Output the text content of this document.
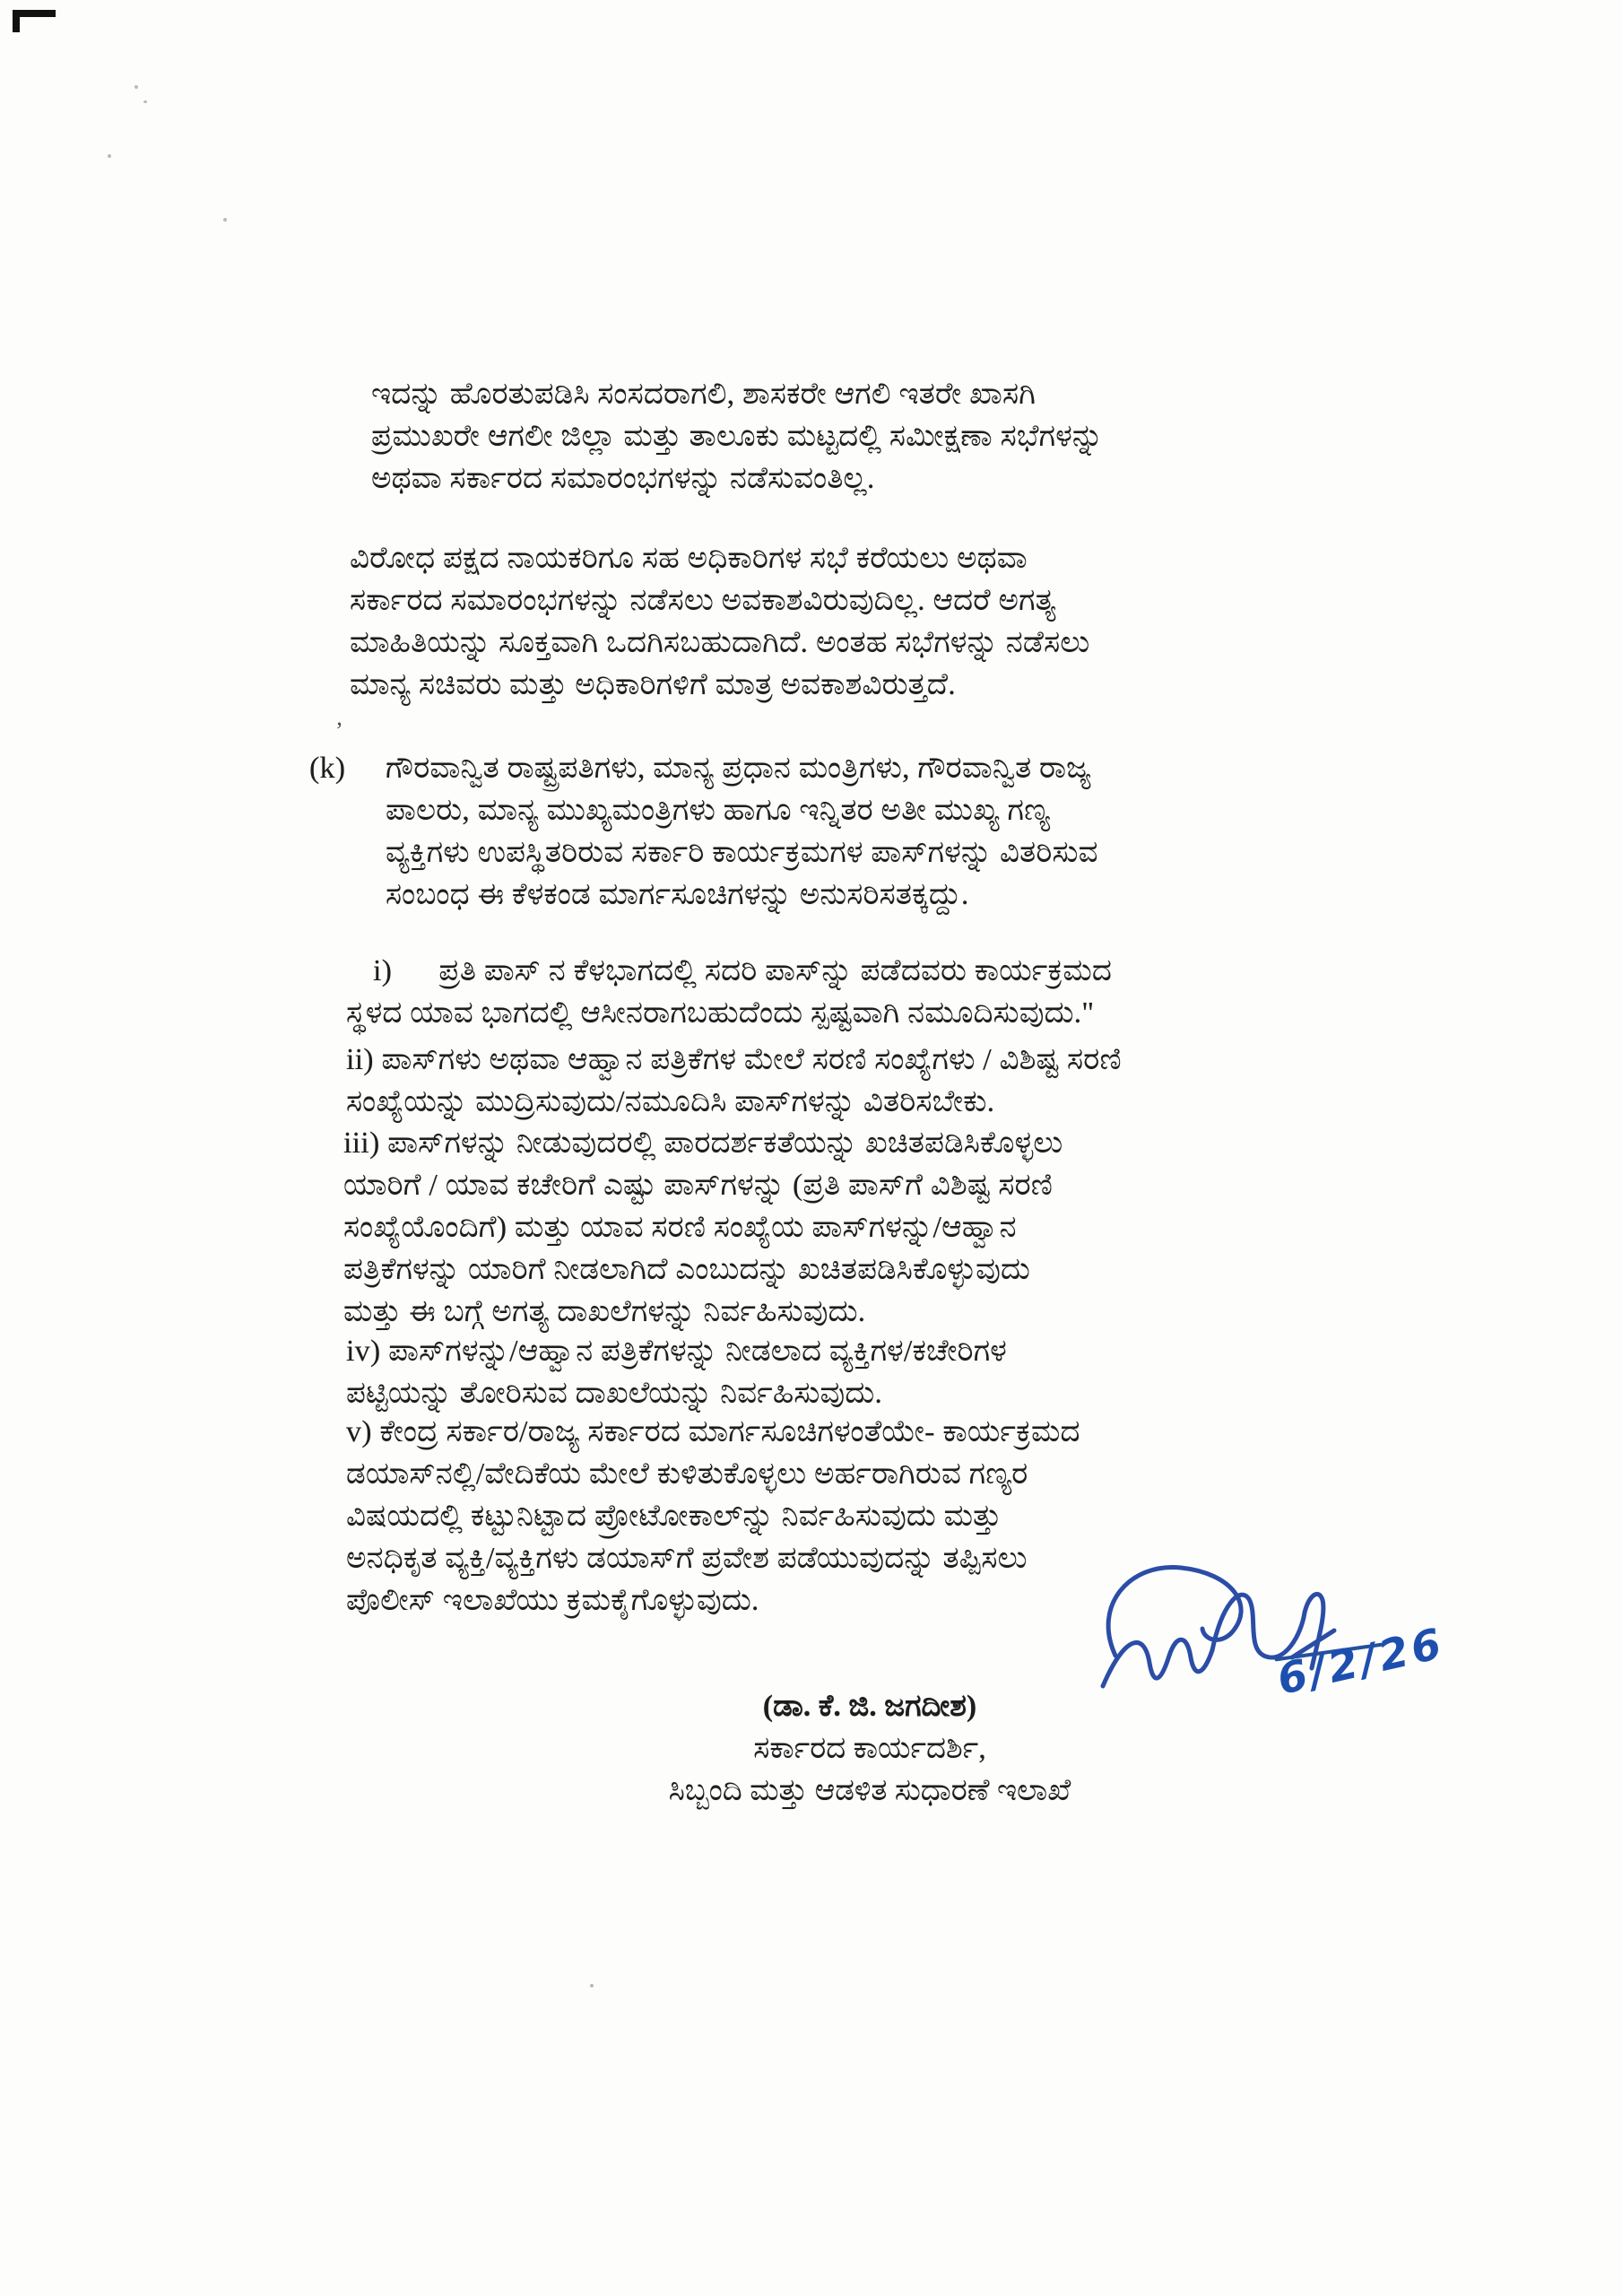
ʼ
ಇದನ್ನು ಹೊರತುಪಡಿಸಿ ಸಂಸದರಾಗಲಿ, ಶಾಸಕರೇ ಆಗಲಿ ಇತರೇ ಖಾಸಗಿ
ಪ್ರಮುಖರೇ ಆಗಲೀ ಜಿಲ್ಲಾ ಮತ್ತು ತಾಲೂಕು ಮಟ್ಟದಲ್ಲಿ ಸಮೀಕ್ಷಣಾ ಸಭೆಗಳನ್ನು
ಅಥವಾ ಸರ್ಕಾರದ ಸಮಾರಂಭಗಳನ್ನು ನಡೆಸುವಂತಿಲ್ಲ.
ವಿರೋಧ ಪಕ್ಷದ ನಾಯಕರಿಗೂ ಸಹ ಅಧಿಕಾರಿಗಳ ಸಭೆ ಕರೆಯಲು ಅಥವಾ
ಸರ್ಕಾರದ ಸಮಾರಂಭಗಳನ್ನು ನಡೆಸಲು ಅವಕಾಶವಿರುವುದಿಲ್ಲ. ಆದರೆ ಅಗತ್ಯ
ಮಾಹಿತಿಯನ್ನು ಸೂಕ್ತವಾಗಿ ಒದಗಿಸಬಹುದಾಗಿದೆ. ಅಂತಹ ಸಭೆಗಳನ್ನು ನಡೆಸಲು
ಮಾನ್ಯ ಸಚಿವರು ಮತ್ತು ಅಧಿಕಾರಿಗಳಿಗೆ ಮಾತ್ರ ಅವಕಾಶವಿರುತ್ತದೆ.
(k) ಗೌರವಾನ್ವಿತ ರಾಷ್ಟ್ರಪತಿಗಳು, ಮಾನ್ಯ ಪ್ರಧಾನ ಮಂತ್ರಿಗಳು, ಗೌರವಾನ್ವಿತ ರಾಜ್ಯ
ಪಾಲರು, ಮಾನ್ಯ ಮುಖ್ಯಮಂತ್ರಿಗಳು ಹಾಗೂ ಇನ್ನಿತರ ಅತೀ ಮುಖ್ಯ ಗಣ್ಯ
ವ್ಯಕ್ತಿಗಳು ಉಪಸ್ಥಿತರಿರುವ ಸರ್ಕಾರಿ ಕಾರ್ಯಕ್ರಮಗಳ ಪಾಸ್‌ಗಳನ್ನು ವಿತರಿಸುವ
ಸಂಬಂಧ ಈ ಕೆಳಕಂಡ ಮಾರ್ಗಸೂಚಿಗಳನ್ನು ಅನುಸರಿಸತಕ್ಕದ್ದು.
i)      ಪ್ರತಿ ಪಾಸ್ ನ ಕೆಳಭಾಗದಲ್ಲಿ ಸದರಿ ಪಾಸ್‌ನ್ನು ಪಡೆದವರು ಕಾರ್ಯಕ್ರಮದ
ಸ್ಥಳದ ಯಾವ ಭಾಗದಲ್ಲಿ ಆಸೀನರಾಗಬಹುದೆಂದು ಸ್ಪಷ್ಟವಾಗಿ ನಮೂದಿಸುವುದು."
ii) ಪಾಸ್‌ಗಳು ಅಥವಾ ಆಹ್ವಾನ ಪತ್ರಿಕೆಗಳ ಮೇಲೆ ಸರಣಿ ಸಂಖ್ಯೆಗಳು / ವಿಶಿಷ್ಟ ಸರಣಿ
ಸಂಖ್ಯೆಯನ್ನು ಮುದ್ರಿಸುವುದು/ನಮೂದಿಸಿ ಪಾಸ್‌ಗಳನ್ನು ವಿತರಿಸಬೇಕು.
iii) ಪಾಸ್‌ಗಳನ್ನು ನೀಡುವುದರಲ್ಲಿ ಪಾರದರ್ಶಕತೆಯನ್ನು ಖಚಿತಪಡಿಸಿಕೊಳ್ಳಲು
ಯಾರಿಗೆ / ಯಾವ ಕಚೇರಿಗೆ ಎಷ್ಟು ಪಾಸ್‌ಗಳನ್ನು (ಪ್ರತಿ ಪಾಸ್‌ಗೆ ವಿಶಿಷ್ಟ ಸರಣಿ
ಸಂಖ್ಯೆಯೊಂದಿಗೆ) ಮತ್ತು ಯಾವ ಸರಣಿ ಸಂಖ್ಯೆಯ ಪಾಸ್‌ಗಳನ್ನು/ಆಹ್ವಾನ
ಪತ್ರಿಕೆಗಳನ್ನು ಯಾರಿಗೆ ನೀಡಲಾಗಿದೆ ಎಂಬುದನ್ನು ಖಚಿತಪಡಿಸಿಕೊಳ್ಳುವುದು
ಮತ್ತು ಈ ಬಗ್ಗೆ ಅಗತ್ಯ ದಾಖಲೆಗಳನ್ನು ನಿರ್ವಹಿಸುವುದು.
iv) ಪಾಸ್‌ಗಳನ್ನು/ಆಹ್ವಾನ ಪತ್ರಿಕೆಗಳನ್ನು ನೀಡಲಾದ ವ್ಯಕ್ತಿಗಳ/ಕಚೇರಿಗಳ
ಪಟ್ಟಿಯನ್ನು ತೋರಿಸುವ ದಾಖಲೆಯನ್ನು ನಿರ್ವಹಿಸುವುದು.
v) ಕೇಂದ್ರ ಸರ್ಕಾರ/ರಾಜ್ಯ ಸರ್ಕಾರದ ಮಾರ್ಗಸೂಚಿಗಳಂತೆಯೇ- ಕಾರ್ಯಕ್ರಮದ
ಡಯಾಸ್‌ನಲ್ಲಿ/ವೇದಿಕೆಯ ಮೇಲೆ ಕುಳಿತುಕೊಳ್ಳಲು ಅರ್ಹರಾಗಿರುವ ಗಣ್ಯರ
ವಿಷಯದಲ್ಲಿ ಕಟ್ಟುನಿಟ್ಟಾದ ಪ್ರೋಟೋಕಾಲ್‌ನ್ನು ನಿರ್ವಹಿಸುವುದು ಮತ್ತು
ಅನಧಿಕೃತ ವ್ಯಕ್ತಿ/ವ್ಯಕ್ತಿಗಳು ಡಯಾಸ್‌ಗೆ ಪ್ರವೇಶ ಪಡೆಯುವುದನ್ನು ತಪ್ಪಿಸಲು
ಪೊಲೀಸ್ ಇಲಾಖೆಯು ಕ್ರಮಕೈಗೊಳ್ಳುವುದು.
6/2/26
(ಡಾ. ಕೆ. ಜಿ. ಜಗದೀಶ)
ಸರ್ಕಾರದ ಕಾರ್ಯದರ್ಶಿ,
ಸಿಬ್ಬಂದಿ ಮತ್ತು ಆಡಳಿತ ಸುಧಾರಣೆ ಇಲಾಖೆ
